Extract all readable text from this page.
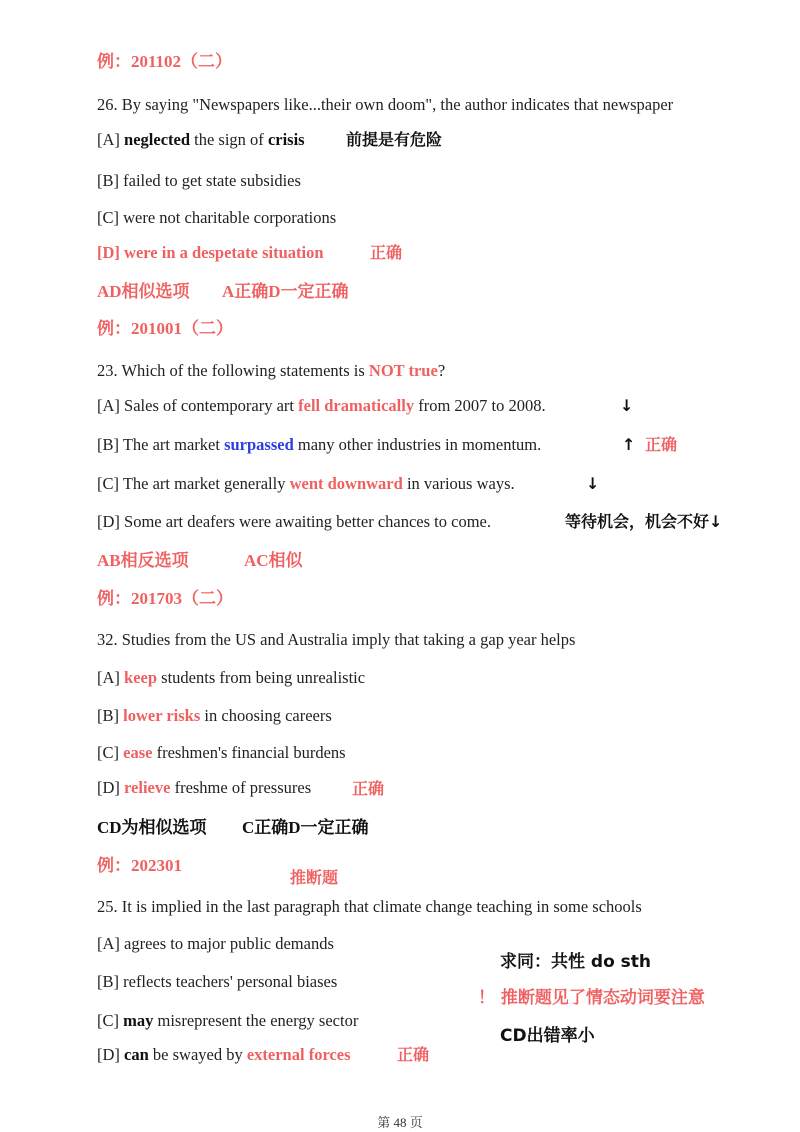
例：201102（二）
26. By saying "Newspapers like...their own doom", the author indicates that newspaper
[A] neglected the sign of crisis	前提是有危险
[B] failed to get state subsidies
[C] were not charitable corporations
[D] were in a despetate situation	正确
AD相似选项 A正确D一定正确
例：201001（二）
23. Which of the following statements is NOT true?
[A] Sales of contemporary art fell dramatically from 2007 to 2008.	↓
[B] The art market surpassed many other industries in momentum.	↑ 正确
[C] The art market generally went downward in various ways.	↓
[D] Some art deafers were awaiting better chances to come.	等待机会，机会不好↓
AB相反选项	AC相似
例：201703（二）
32. Studies from the US and Australia imply that taking a gap year helps
[A] keep students from being unrealistic
[B] lower risks in choosing careers
[C] ease freshmen's financial burdens
[D] relieve freshme of pressures	正确
CD为相似选项 C正确D一定正确
例：202301
推断题
25. It is implied in the last paragraph that climate change teaching in some schools
[A] agrees to major public demands
[B] reflects teachers' personal biases
[C] may misrepresent the energy sector
[D] can be swayed by external forces	正确
求同：共性 do sth
！ 推断题见了情态动词要注意
CD出错率小
第 48 页
